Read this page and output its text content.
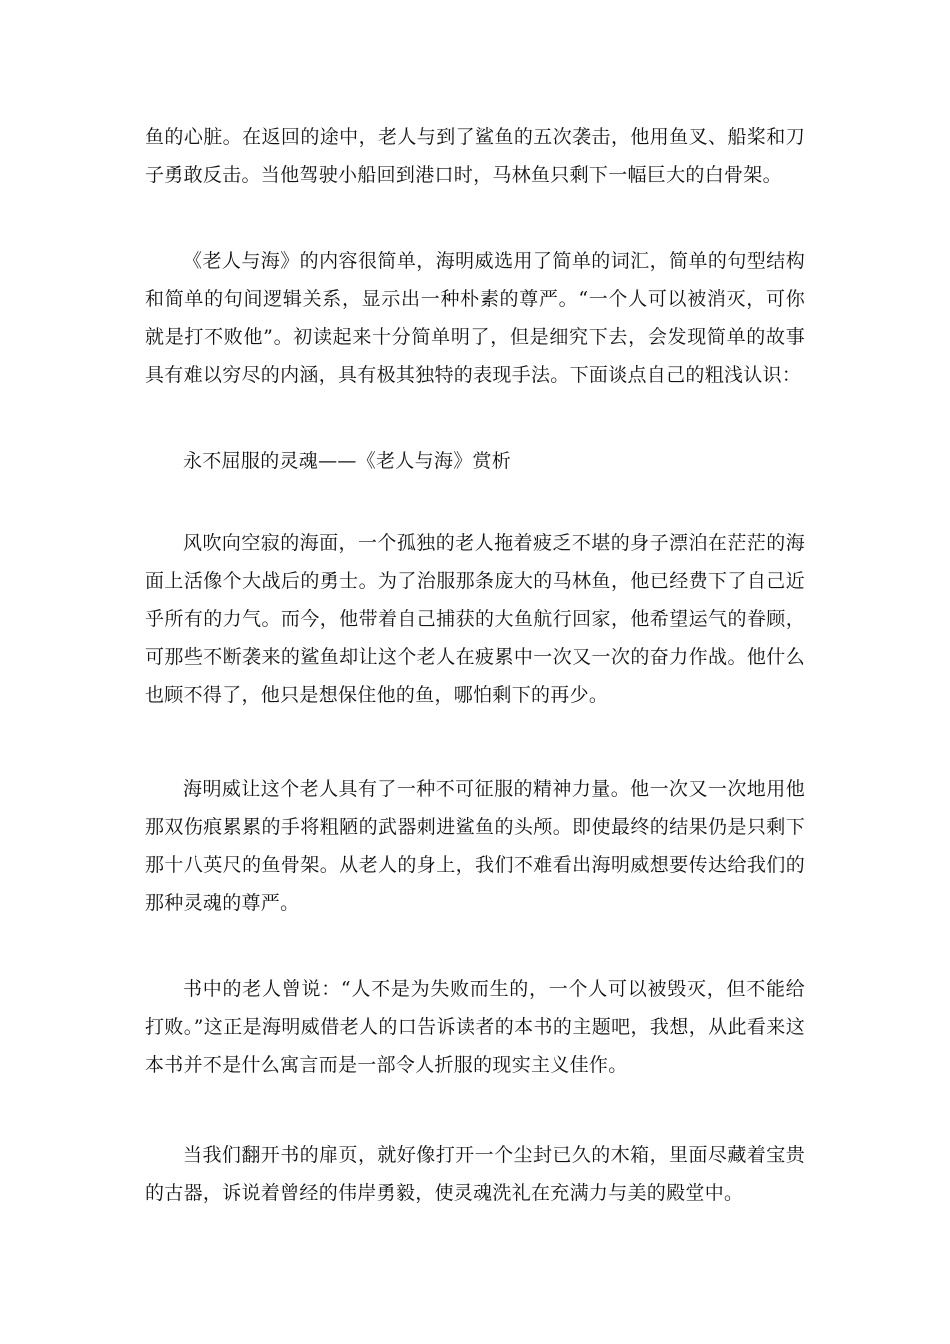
鱼的心脏。在返回的途中，老人与到了鲨鱼的五次袭击，他用鱼叉、船桨和刀子勇敢反击。当他驾驶小船回到港口时，马林鱼只剩下一幅巨大的白骨架。

《老人与海》的内容很简单，海明威选用了简单的词汇，简单的句型结构和简单的句间逻辑关系，显示出一种朴素的尊严。“一个人可以被消灭，可你就是打不败他”。初读起来十分简单明了，但是细究下去，会发现简单的故事具有难以穷尽的内涵，具有极其独特的表现手法。下面谈点自己的粗浅认识：

永不屈服的灵魂——《老人与海》赏析

风吹向空寂的海面，一个孤独的老人拖着疲乏不堪的身子漂泊在茫茫的海面上活像个大战后的勇士。为了治服那条庞大的马林鱼，他已经费下了自己近乎所有的力气。而今，他带着自己捕获的大鱼航行回家，他希望运气的眷顾，可那些不断袭来的鲨鱼却让这个老人在疲累中一次又一次的奋力作战。他什么也顾不得了，他只是想保住他的鱼，哪怕剩下的再少。

海明威让这个老人具有了一种不可征服的精神力量。他一次又一次地用他那双伤痕累累的手将粗陋的武器刺进鲨鱼的头颅。即使最终的结果仍是只剩下那十八英尺的鱼骨架。从老人的身上，我们不难看出海明威想要传达给我们的那种灵魂的尊严。

书中的老人曾说：“人不是为失败而生的，一个人可以被毁灭，但不能给打败。”这正是海明威借老人的口告诉读者的本书的主题吧，我想，从此看来这本书并不是什么寓言而是一部令人折服的现实主义佳作。

当我们翻开书的扉页，就好像打开一个尘封已久的木箱，里面尽藏着宝贵的古器，诉说着曾经的伟岸勇毅，使灵魂洗礼在充满力与美的殿堂中。
